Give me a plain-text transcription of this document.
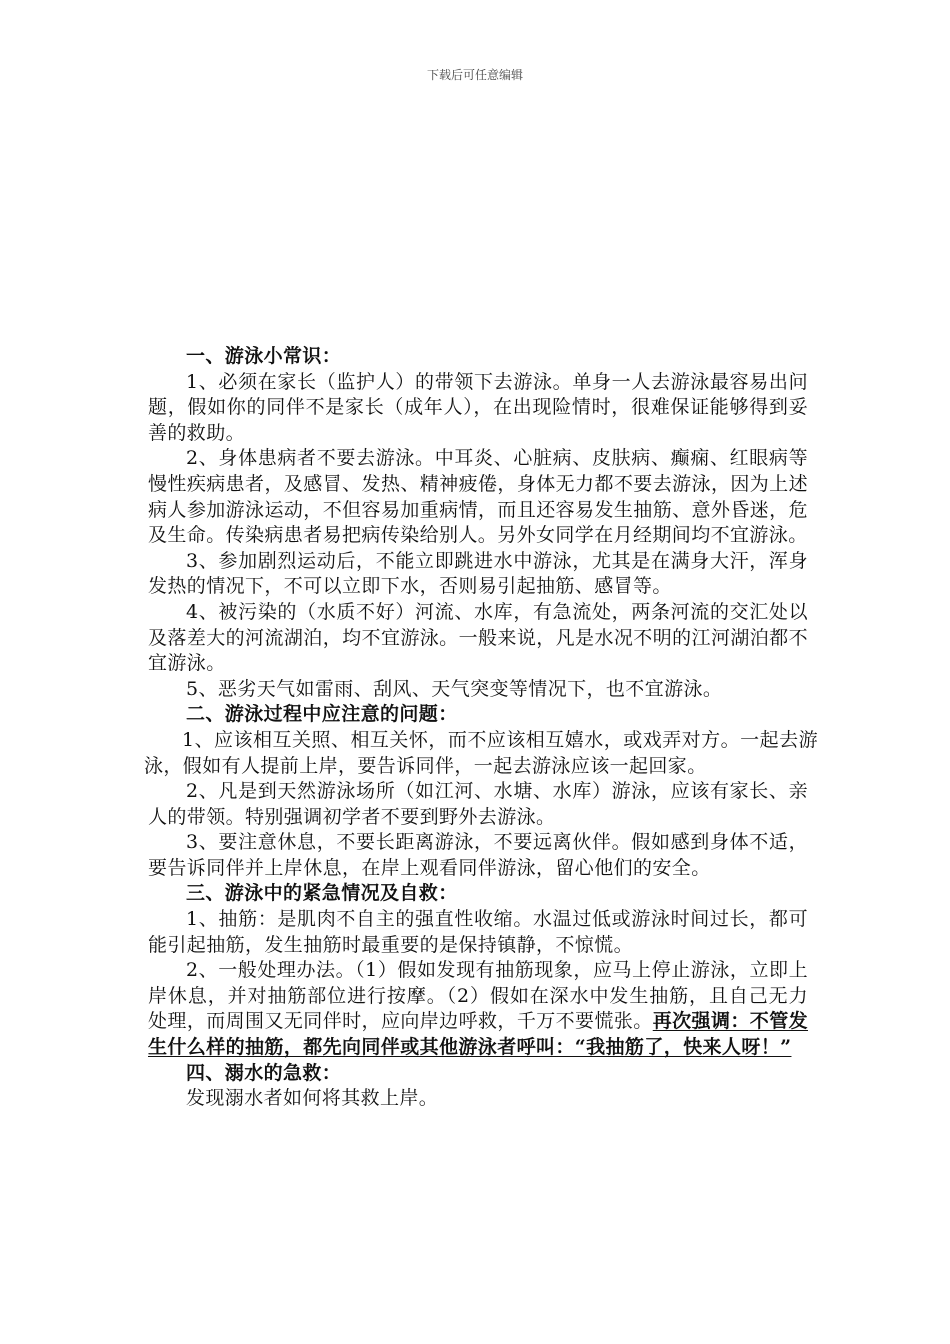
下载后可任意编辑
一、游泳小常识：

1、必须在家长（监护人）的带领下去游泳。单身一人去游泳最容易出问题，假如你的同伴不是家长（成年人），在出现险情时，很难保证能够得到妥善的救助。

2、身体患病者不要去游泳。中耳炎、心脏病、皮肤病、癫痫、红眼病等慢性疾病患者，及感冒、发热、精神疲倦，身体无力都不要去游泳，因为上述病人参加游泳运动，不但容易加重病情，而且还容易发生抽筋、意外昏迷，危及生命。传染病患者易把病传染给别人。另外女同学在月经期间均不宜游泳。

3、参加剧烈运动后，不能立即跳进水中游泳，尤其是在满身大汗，浑身发热的情况下，不可以立即下水，否则易引起抽筋、感冒等。

4、被污染的（水质不好）河流、水库，有急流处，两条河流的交汇处以及落差大的河流湖泊，均不宜游泳。一般来说，凡是水况不明的江河湖泊都不宜游泳。

5、恶劣天气如雷雨、刮风、天气突变等情况下，也不宜游泳。

二、游泳过程中应注意的问题：

1、应该相互关照、相互关怀，而不应该相互嬉水，或戏弄对方。一起去游泳，假如有人提前上岸，要告诉同伴，一起去游泳应该一起回家。

2、凡是到天然游泳场所（如江河、水塘、水库）游泳，应该有家长、亲人的带领。特别强调初学者不要到野外去游泳。

3、要注意休息，不要长距离游泳，不要远离伙伴。假如感到身体不适，要告诉同伴并上岸休息，在岸上观看同伴游泳，留心他们的安全。

三、游泳中的紧急情况及自救：

1、抽筋：是肌肉不自主的强直性收缩。水温过低或游泳时间过长，都可能引起抽筋，发生抽筋时最重要的是保持镇静，不惊慌。

2、一般处理办法。（1）假如发现有抽筋现象，应马上停止游泳，立即上岸休息，并对抽筋部位进行按摩。（2）假如在深水中发生抽筋，且自己无力处理，而周围又无同伴时，应向岸边呼救，千万不要慌张。再次强调：不管发生什么样的抽筋，都先向同伴或其他游泳者呼叫：“我抽筋了，快来人呀！”

四、溺水的急救：

发现溺水者如何将其救上岸。
